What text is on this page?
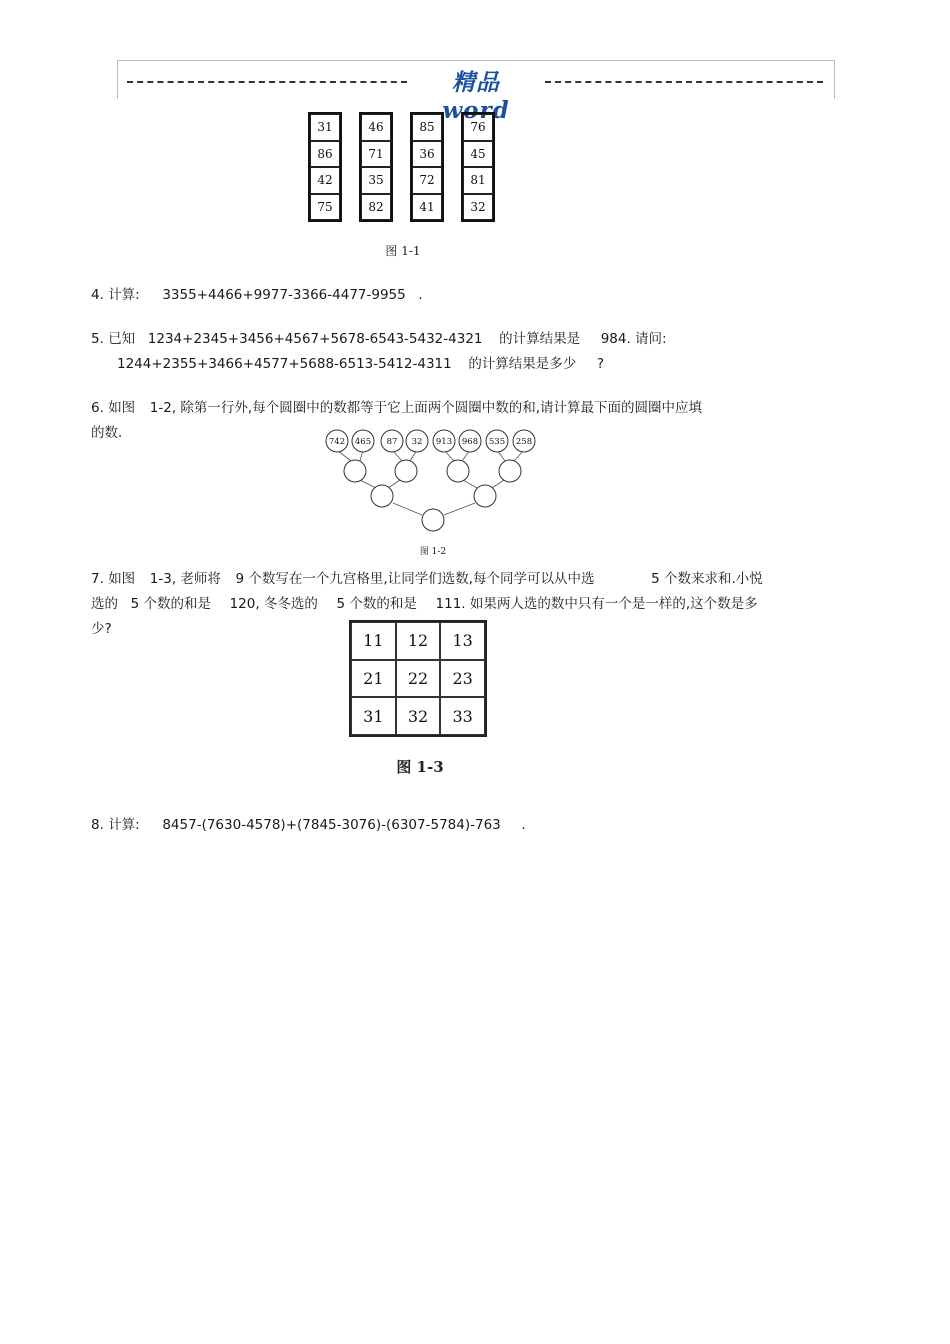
精品 word
31
86
42
75
46
71
35
82
85
36
72
41
76
45
81
32
图 1-1
4. 计算: 3355+4466+9977-3366-4477-9955 .
5. 已知 1234+2345+3456+4567+5678-6543-5432-4321 的计算结果是 984. 请问:
1244+2355+3466+4577+5688-6513-5412-4311 的计算结果是多少 ?
6. 如图 1-2, 除第一行外,每个圆圈中的数都等于它上面两个圆圈中数的和,请计算最下面的圆圈中应填
的数.
742 465 87 32 913 968 535 258
图 1-2
7. 如图 1-3, 老师将 9 个数写在一个九宫格里,让同学们选数,每个同学可以从中选	5 个数来求和.小悦
选的 5 个数的和是 120, 冬冬选的 5 个数的和是 111. 如果两人选的数中只有一个是一样的,这个数是多
少?
11	12	13
21	22	23
31	32	33
图 1-3
8. 计算: 8457-(7630-4578)+(7845-3076)-(6307-5784)-763 .
